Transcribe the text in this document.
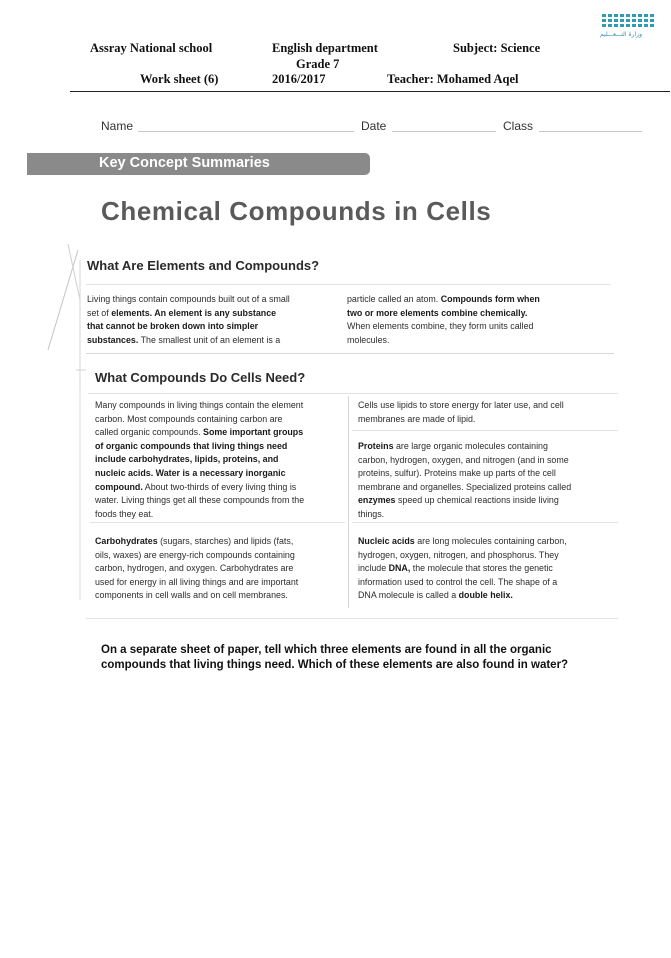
Assray National school	English department	Subject: Science
Grade 7
Work sheet (6)	2016/2017	Teacher: Mohamed Aqel
وزارة التـــعـــليم
Name	Date	Class
Key Concept Summaries
Chemical Compounds in Cells
What Are Elements and Compounds?
Living things contain compounds built out of a small
set of elements. An element is any substance
that cannot be broken down into simpler
substances. The smallest unit of an element is a
particle called an atom. Compounds form when
two or more elements combine chemically.
When elements combine, they form units called
molecules.
What Compounds Do Cells Need?
Many compounds in living things contain the element
carbon. Most compounds containing carbon are
called organic compounds. Some important groups
of organic compounds that living things need
include carbohydrates, lipids, proteins, and
nucleic acids. Water is a necessary inorganic
compound. About two-thirds of every living thing is
water. Living things get all these compounds from the
foods they eat.
Carbohydrates (sugars, starches) and lipids (fats,
oils, waxes) are energy-rich compounds containing
carbon, hydrogen, and oxygen. Carbohydrates are
used for energy in all living things and are important
components in cell walls and on cell membranes.
Cells use lipids to store energy for later use, and cell
membranes are made of lipid.
Proteins are large organic molecules containing
carbon, hydrogen, oxygen, and nitrogen (and in some
proteins, sulfur). Proteins make up parts of the cell
membrane and organelles. Specialized proteins called
enzymes speed up chemical reactions inside living
things.
Nucleic acids are long molecules containing carbon,
hydrogen, oxygen, nitrogen, and phosphorus. They
include DNA, the molecule that stores the genetic
information used to control the cell. The shape of a
DNA molecule is called a double helix.
On a separate sheet of paper, tell which three elements are found in all the organic
compounds that living things need. Which of these elements are also found in water?
